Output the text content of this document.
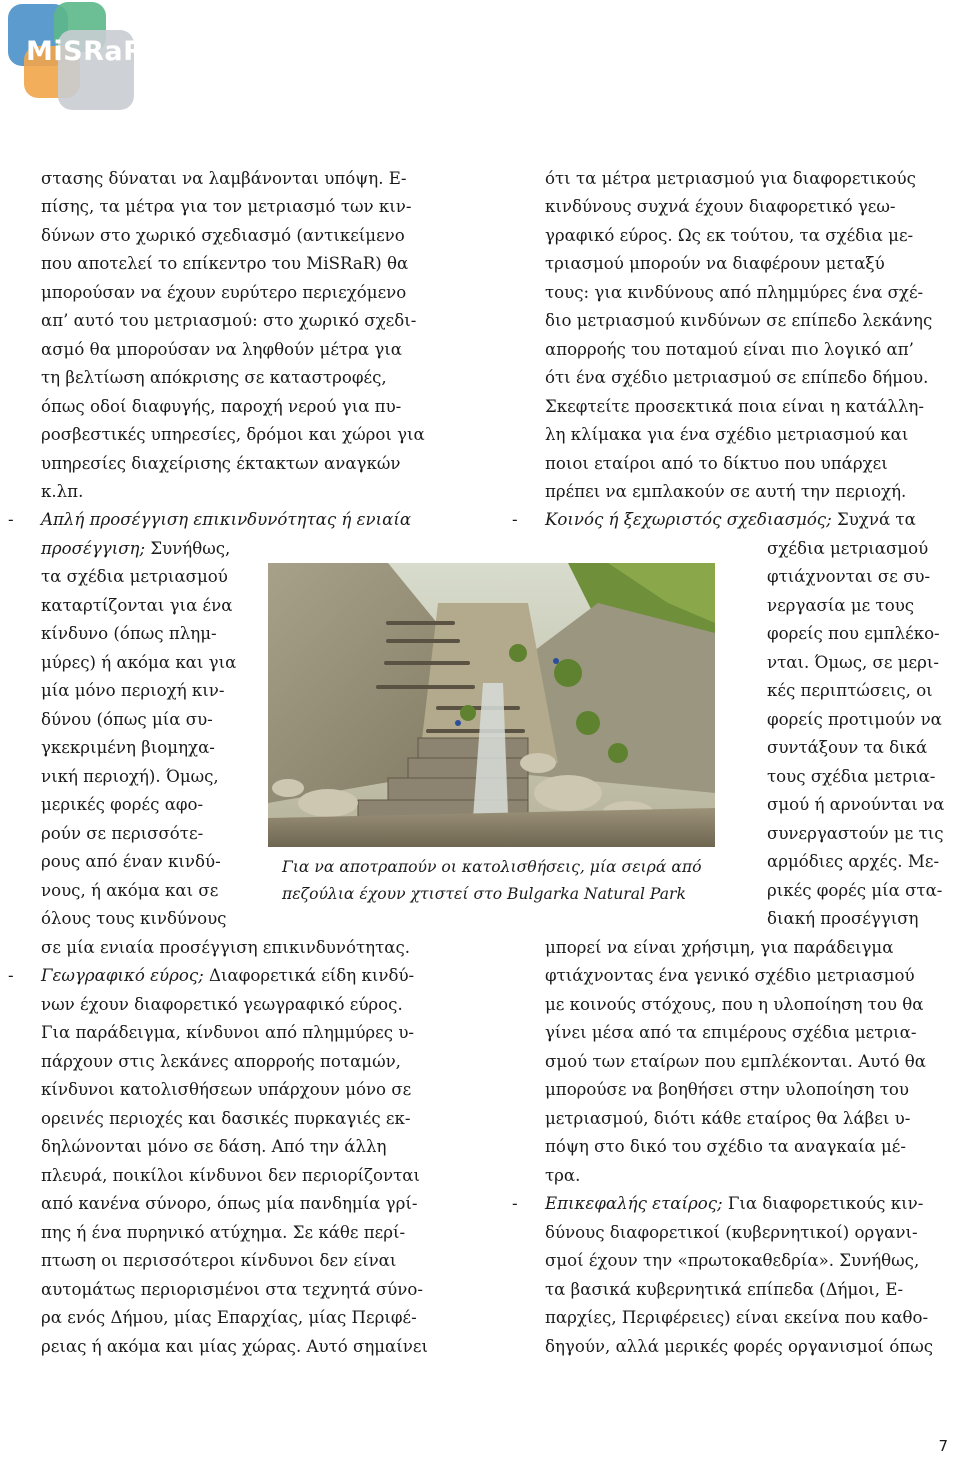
MiSRaR
στασης δύναται να λαμβάνονται υπόψη. Ε-
πίσης, τα μέτρα για τον μετριασμό των κιν-
δύνων στο χωρικό σχεδιασμό (αντικείμενο
που αποτελεί το επίκεντρο του MiSRaR) θα
μπορούσαν να έχουν ευρύτερο περιεχόμενο
απ’ αυτό του μετριασμού: στο χωρικό σχεδι-
ασμό θα μπορούσαν να ληφθούν μέτρα για
τη βελτίωση απόκρισης σε καταστροφές,
όπως οδοί διαφυγής, παροχή νερού για πυ-
ροσβεστικές υπηρεσίες, δρόμοι και χώροι για
υπηρεσίες διαχείρισης έκτακτων αναγκών
κ.λπ.
- Απλή προσέγγιση επικινδυνότητας ή ενιαία
προσέγγιση; Συνήθως,
τα σχέδια μετριασμού
καταρτίζονται για ένα
κίνδυνο (όπως πλημ-
μύρες) ή ακόμα και για
μία μόνο περιοχή κιν-
δύνου (όπως μία συ-
γκεκριμένη βιομηχα-
νική περιοχή). Όμως,
μερικές φορές αφο-
ρούν σε περισσότε-
ρους από έναν κινδύ-
νους, ή ακόμα και σε
όλους τους κινδύνους
σε μία ενιαία προσέγγιση επικινδυνότητας.
- Γεωγραφικό εύρος; Διαφορετικά είδη κινδύ-
νων έχουν διαφορετικό γεωγραφικό εύρος.
Για παράδειγμα, κίνδυνοι από πλημμύρες υ-
πάρχουν στις λεκάνες απορροής ποταμών,
κίνδυνοι κατολισθήσεων υπάρχουν μόνο σε
ορεινές περιοχές και δασικές πυρκαγιές εκ-
δηλώνονται μόνο σε δάση. Από την άλλη
πλευρά, ποικίλοι κίνδυνοι δεν περιορίζονται
από κανένα σύνορο, όπως μία πανδημία γρί-
πης ή ένα πυρηνικό ατύχημα. Σε κάθε περί-
πτωση οι περισσότεροι κίνδυνοι δεν είναι
αυτομάτως περιορισμένοι στα τεχνητά σύνο-
ρα ενός Δήμου, μίας Επαρχίας, μίας Περιφέ-
ρειας ή ακόμα και μίας χώρας. Αυτό σημαίνει
ότι τα μέτρα μετριασμού για διαφορετικούς
κινδύνους συχνά έχουν διαφορετικό γεω-
γραφικό εύρος. Ως εκ τούτου, τα σχέδια με-
τριασμού μπορούν να διαφέρουν μεταξύ
τους: για κινδύνους από πλημμύρες ένα σχέ-
διο μετριασμού κινδύνων σε επίπεδο λεκάνης
απορροής του ποταμού είναι πιο λογικό απ’
ότι ένα σχέδιο μετριασμού σε επίπεδο δήμου.
Σκεφτείτε προσεκτικά ποια είναι η κατάλλη-
λη κλίμακα για ένα σχέδιο μετριασμού και
ποιοι εταίροι από το δίκτυο που υπάρχει
πρέπει να εμπλακούν σε αυτή την περιοχή.
- Κοινός ή ξεχωριστός σχεδιασμός; Συχνά τα
σχέδια μετριασμού
φτιάχνονται σε συ-
νεργασία με τους
φορείς που εμπλέκο-
νται. Όμως, σε μερι-
κές περιπτώσεις, οι
φορείς προτιμούν να
συντάξουν τα δικά
τους σχέδια μετρια-
σμού ή αρνούνται να
συνεργαστούν με τις
αρμόδιες αρχές. Με-
ρικές φορές μία στα-
διακή προσέγγιση
μπορεί να είναι χρήσιμη, για παράδειγμα
φτιάχνοντας ένα γενικό σχέδιο μετριασμού
με κοινούς στόχους, που η υλοποίηση του θα
γίνει μέσα από τα επιμέρους σχέδια μετρια-
σμού των εταίρων που εμπλέκονται. Αυτό θα
μπορούσε να βοηθήσει στην υλοποίηση του
μετριασμού, διότι κάθε εταίρος θα λάβει υ-
πόψη στο δικό του σχέδιο τα αναγκαία μέ-
τρα.
- Επικεφαλής εταίρος; Για διαφορετικούς κιν-
δύνους διαφορετικοί (κυβερνητικοί) οργανι-
σμοί έχουν την «πρωτοκαθεδρία». Συνήθως,
τα βασικά κυβερνητικά επίπεδα (Δήμοι, Ε-
παρχίες, Περιφέρειες) είναι εκείνα που καθο-
δηγούν, αλλά μερικές φορές οργανισμοί όπως
Για να αποτραπούν οι κατολισθήσεις, μία σειρά από
πεζούλια έχουν χτιστεί στο Bulgarka Natural Park
7
